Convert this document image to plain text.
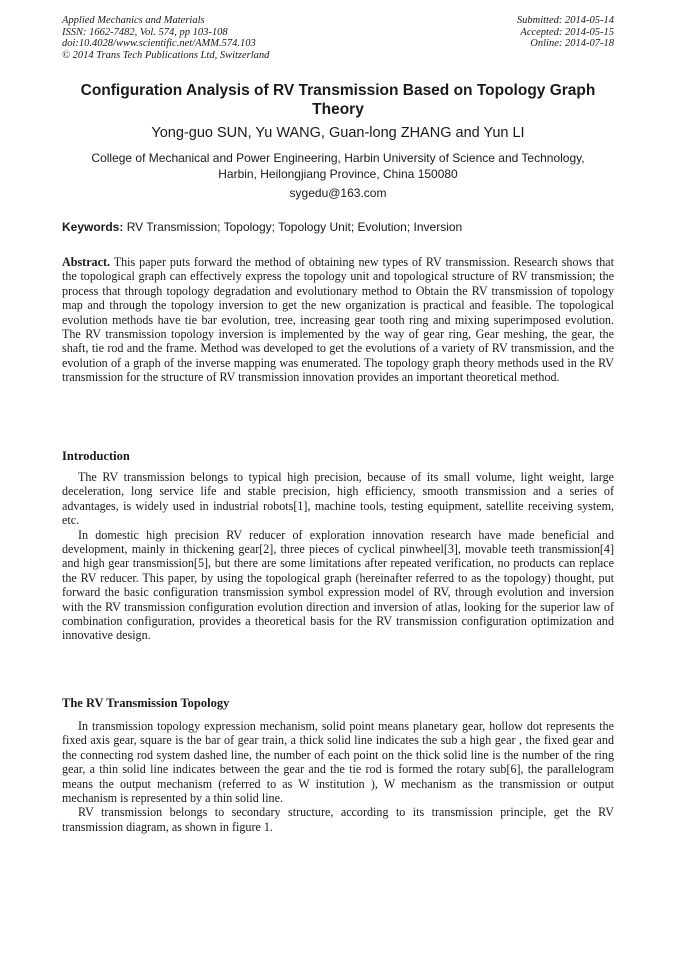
Applied Mechanics and Materials
ISSN: 1662-7482, Vol. 574, pp 103-108
doi:10.4028/www.scientific.net/AMM.574.103
© 2014 Trans Tech Publications Ltd, Switzerland
Submitted: 2014-05-14
Accepted: 2014-05-15
Online: 2014-07-18
Configuration Analysis of RV Transmission Based on Topology Graph Theory
Yong-guo SUN, Yu WANG, Guan-long ZHANG and Yun LI
College of Mechanical and Power Engineering, Harbin University of Science and Technology,
Harbin, Heilongjiang Province, China 150080
sygedu@163.com
Keywords: RV Transmission; Topology; Topology Unit; Evolution; Inversion

Abstract. This paper puts forward the method of obtaining new types of RV transmission. Research shows that the topological graph can effectively express the topology unit and topological structure of RV transmission; the process that through topology degradation and evolutionary method to Obtain the RV transmission of topology map and through the topology inversion to get the new organization is practical and feasible. The topological evolution methods have tie bar evolution, tree, increasing gear tooth ring and mixing superimposed evolution. The RV transmission topology inversion is implemented by the way of gear ring, Gear meshing, the gear, the shaft, tie rod and the frame. Method was developed to get the evolutions of a variety of RV transmission, and the evolution of a graph of the inverse mapping was enumerated. The topology graph theory methods used in the RV transmission for the structure of RV transmission innovation provides an important theoretical method.

Introduction

The RV transmission belongs to typical high precision, because of its small volume, light weight, large deceleration, long service life and stable precision, high efficiency, smooth transmission and a series of advantages, is widely used in industrial robots[1], machine tools, testing equipment, satellite receiving system, etc.

In domestic high precision RV reducer of exploration innovation research have made beneficial and development, mainly in thickening gear[2], three pieces of cyclical pinwheel[3], movable teeth transmission[4] and high gear transmission[5], but there are some limitations after repeated verification, no products can replace the RV reducer. This paper, by using the topological graph (hereinafter referred to as the topology) thought, put forward the basic configuration transmission symbol expression model of RV, through evolution and inversion with the RV transmission configuration evolution direction and inversion of atlas, looking for the superior law of combination configuration, provides a theoretical basis for the RV transmission configuration optimization and innovative design.

The RV Transmission Topology

In transmission topology expression mechanism, solid point means planetary gear, hollow dot represents the fixed axis gear, square is the bar of gear train, a thick solid line indicates the sub a high gear , the fixed gear and the connecting rod system dashed line, the number of each point on the thick solid line is the number of the ring gear, a thin solid line indicates between the gear and the tie rod is formed the rotary sub[6], the parallelogram means the output mechanism (referred to as W institution ), W mechanism as the transmission or output mechanism is represented by a thin solid line.

RV transmission belongs to secondary structure, according to its transmission principle, get the RV transmission diagram, as shown in figure 1.
